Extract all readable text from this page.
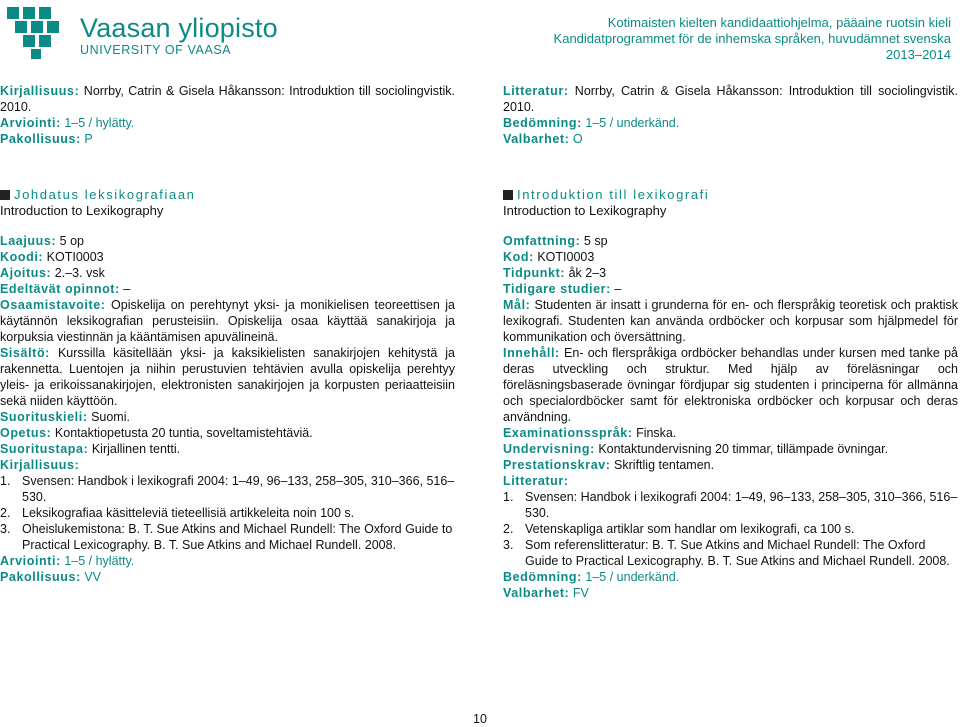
Vaasan yliopisto
UNIVERSITY OF VAASA
Kotimaisten kielten kandidaattiohjelma, pääaine ruotsin kieli
Kandidatprogrammet för de inhemska språken, huvudämnet svenska
2013–2014
Kirjallisuus: Norrby, Catrin & Gisela Håkansson: Introduktion till sociolingvistik. 2010.
Arviointi: 1–5 / hylätty.
Pakollisuus: P
Johdatus leksikografiaan
Introduction to Lexikography
Laajuus: 5 op
Koodi: KOTI0003
Ajoitus: 2.–3. vsk
Edeltävät opinnot: –
Osaamistavoite: Opiskelija on perehtynyt yksi- ja monikielisen teoreettisen ja käytännön leksikografian perusteisiin. Opiskelija osaa käyttää sanakirjoja ja korpuksia viestinnän ja kääntämisen apuvälineinä.
Sisältö: Kurssilla käsitellään yksi- ja kaksikielisten sanakirjojen kehitystä ja rakennetta. Luentojen ja niihin perustuvien tehtävien avulla opiskelija perehtyy yleis- ja erikoissanakirjojen, elektronisten sanakirjojen ja korpusten periaatteisiin sekä niiden käyttöön.
Suorituskieli: Suomi.
Opetus: Kontaktiopetusta 20 tuntia, soveltamistehtäviä.
Suoritustapa: Kirjallinen tentti.
Kirjallisuus:
1. Svensen: Handbok i lexikografi 2004: 1–49, 96–133, 258–305, 310–366, 516–530.
2. Leksikografiaa käsitteleviä tieteellisiä artikkeleita noin 100 s.
3. Oheislukemistona: B. T. Sue Atkins and Michael Rundell: The Oxford Guide to Practical Lexicography. B. T. Sue Atkins and Michael Rundell. 2008.
Arviointi: 1–5 / hylätty.
Pakollisuus: VV
Litteratur: Norrby, Catrin & Gisela Håkansson: Introduktion till sociolingvistik. 2010.
Bedömning: 1–5 / underkänd.
Valbarhet: O
Introduktion till lexikografi
Introduction to Lexikography
Omfattning: 5 sp
Kod: KOTI0003
Tidpunkt: åk 2–3
Tidigare studier: –
Mål: Studenten är insatt i grunderna för en- och flerspråkig teoretisk och praktisk lexikografi. Studenten kan använda ordböcker och korpusar som hjälpmedel för kommunikation och översättning.
Innehåll: En- och flerspråkiga ordböcker behandlas under kursen med tanke på deras utveckling och struktur. Med hjälp av föreläsningar och föreläsningsbaserade övningar fördjupar sig studenten i principerna för allmänna och specialordböcker samt för elektroniska ordböcker och korpusar och deras användning.
Examinationsspråk: Finska.
Undervisning: Kontaktundervisning 20 timmar, tillämpade övningar.
Prestationskrav: Skriftlig tentamen.
Litteratur:
1. Svensen: Handbok i lexikografi 2004: 1–49, 96–133, 258–305, 310–366, 516–530.
2. Vetenskapliga artiklar som handlar om lexikografi, ca 100 s.
3. Som referenslitteratur: B. T. Sue Atkins and Michael Rundell: The Oxford Guide to Practical Lexicography. B. T. Sue Atkins and Michael Rundell. 2008.
Bedömning: 1–5 / underkänd.
Valbarhet: FV
10
